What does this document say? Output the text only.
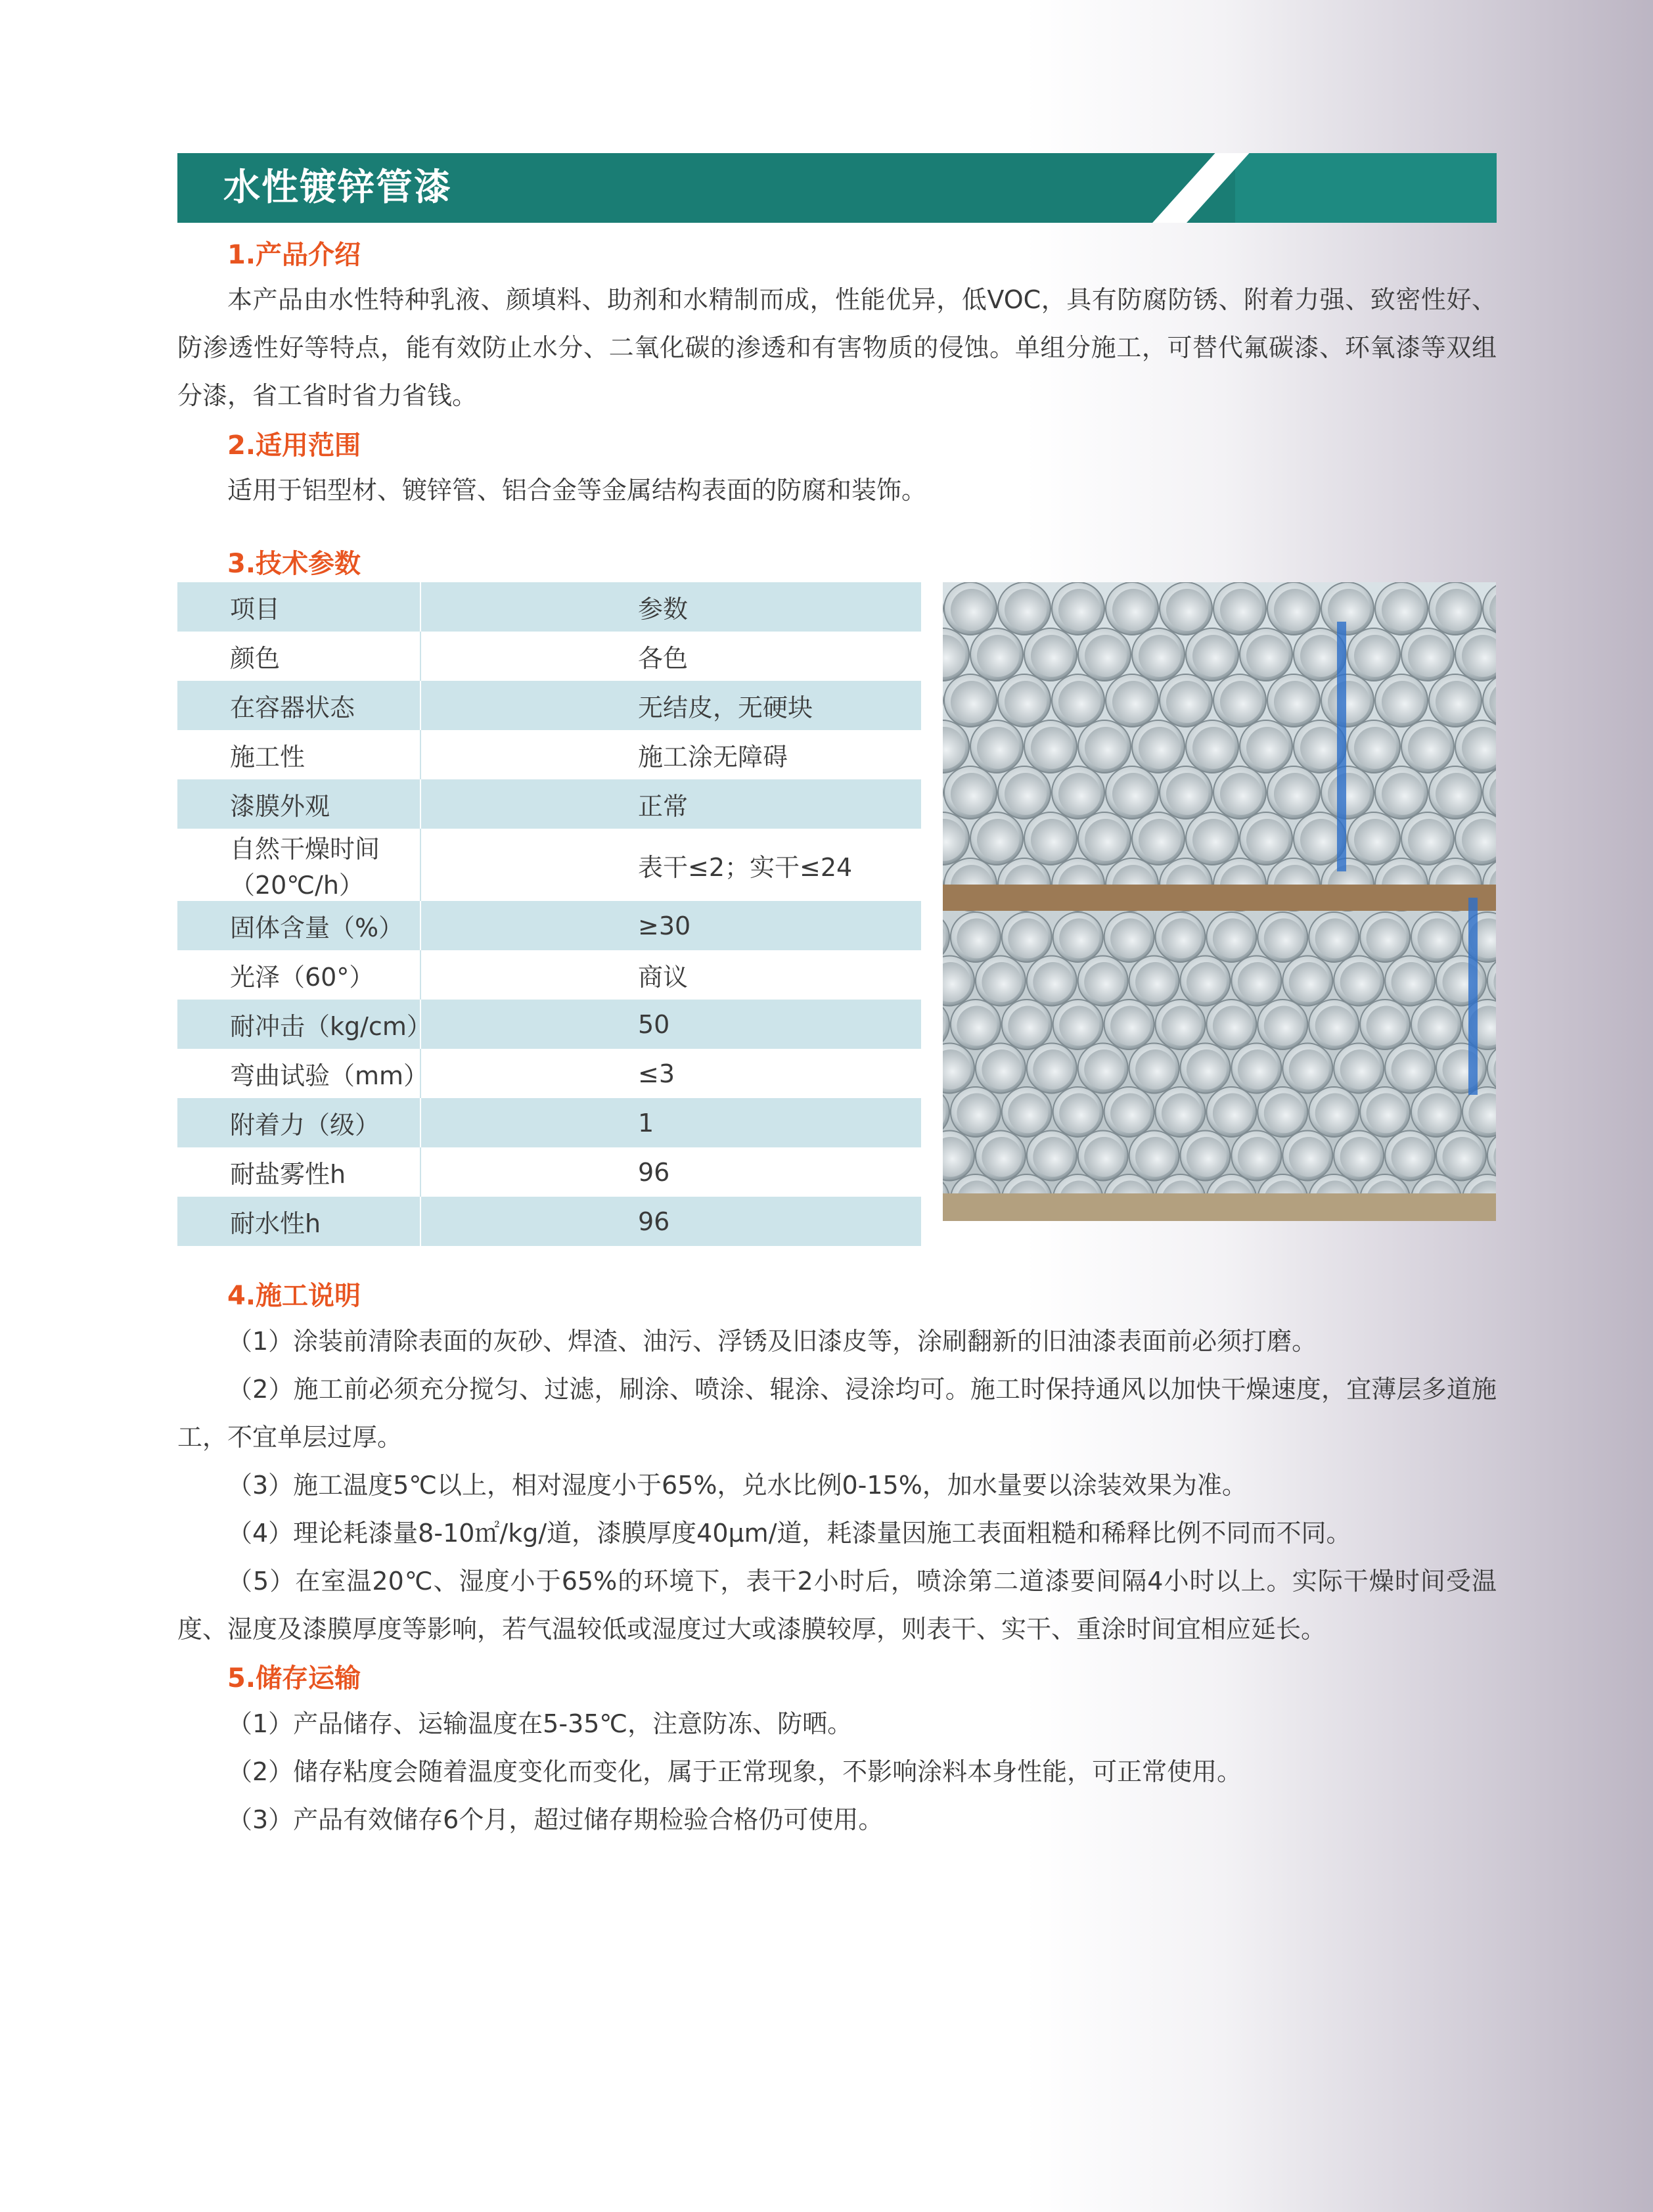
水性镀锌管漆
1.产品介绍
本产品由水性特种乳液、颜填料、助剂和水精制而成，性能优异，低VOC，具有防腐防锈、附着力强、致密性好、防渗透性好等特点，能有效防止水分、二氧化碳的渗透和有害物质的侵蚀。单组分施工，可替代氟碳漆、环氧漆等双组分漆，省工省时省力省钱。
2.适用范围
适用于铝型材、镀锌管、铝合金等金属结构表面的防腐和装饰。
3.技术参数
项目	参数
颜色	各色
在容器状态	无结皮，无硬块
施工性	施工涂无障碍
漆膜外观	正常
自然干燥时间（20℃/h）	表干≤2；实干≤24
固体含量（%）	≥30
光泽（60°）	商议
耐冲击（kg/cm）	50
弯曲试验（mm）	≤3
附着力（级）	1
耐盐雾性h	96
耐水性h	96
4.施工说明
（1）涂装前清除表面的灰砂、焊渣、油污、浮锈及旧漆皮等，涂刷翻新的旧油漆表面前必须打磨。
（2）施工前必须充分搅匀、过滤，刷涂、喷涂、辊涂、浸涂均可。施工时保持通风以加快干燥速度，宜薄层多道施工，不宜单层过厚。
（3）施工温度5℃以上，相对湿度小于65%，兑水比例0-15%，加水量要以涂装效果为准。
（4）理论耗漆量8-10㎡/kg/道，漆膜厚度40μm/道，耗漆量因施工表面粗糙和稀释比例不同而不同。
（5）在室温20℃、湿度小于65%的环境下，表干2小时后，喷涂第二道漆要间隔4小时以上。实际干燥时间受温度、湿度及漆膜厚度等影响，若气温较低或湿度过大或漆膜较厚，则表干、实干、重涂时间宜相应延长。
5.储存运输
（1）产品储存、运输温度在5-35℃，注意防冻、防晒。
（2）储存粘度会随着温度变化而变化，属于正常现象，不影响涂料本身性能，可正常使用。
（3）产品有效储存6个月，超过储存期检验合格仍可使用。
